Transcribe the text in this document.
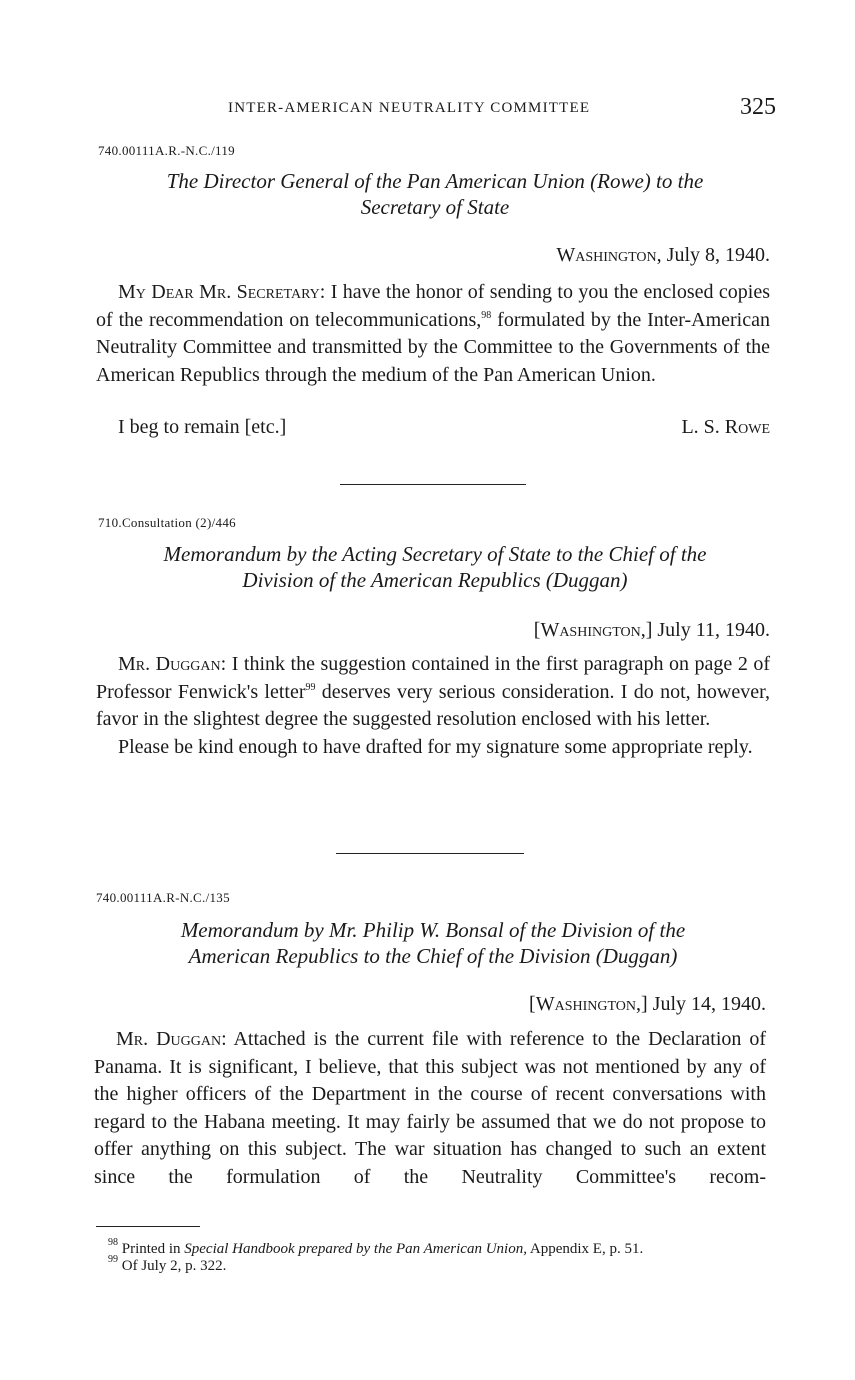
INTER-AMERICAN NEUTRALITY COMMITTEE	325
740.00111A.R.-N.C./119
The Director General of the Pan American Union (Rowe) to the
Secretary of State
Washington, July 8, 1940.

My Dear Mr. Secretary: I have the honor of sending to you the enclosed copies of the recommendation on telecommunications,$^{98}$ formulated by the Inter-American Neutrality Committee and transmitted by the Committee to the Governments of the American Republics through the medium of the Pan American Union.

I beg to remain [etc.]	L. S. Rowe
710.Consultation (2)/446
Memorandum by the Acting Secretary of State to the Chief of the
Division of the American Republics (Duggan)
[Washington,] July 11, 1940.

Mr. Duggan: I think the suggestion contained in the first paragraph on page 2 of Professor Fenwick's letter$^{99}$ deserves very serious consideration. I do not, however, favor in the slightest degree the suggested resolution enclosed with his letter.

Please be kind enough to have drafted for my signature some appropriate reply.

740.00111A.R-N.C./135
Memorandum by Mr. Philip W. Bonsal of the Division of the
American Republics to the Chief of the Division (Duggan)
[Washington,] July 14, 1940.

Mr. Duggan: Attached is the current file with reference to the Declaration of Panama. It is significant, I believe, that this subject was not mentioned by any of the higher officers of the Department in the course of recent conversations with regard to the Habana meeting. It may fairly be assumed that we do not propose to offer anything on this subject. The war situation has changed to such an extent since the formulation of the Neutrality Committee's recom-

$^{98}$ Printed in Special Handbook prepared by the Pan American Union, Appendix E, p. 51.
$^{99}$ Of July 2, p. 322.
